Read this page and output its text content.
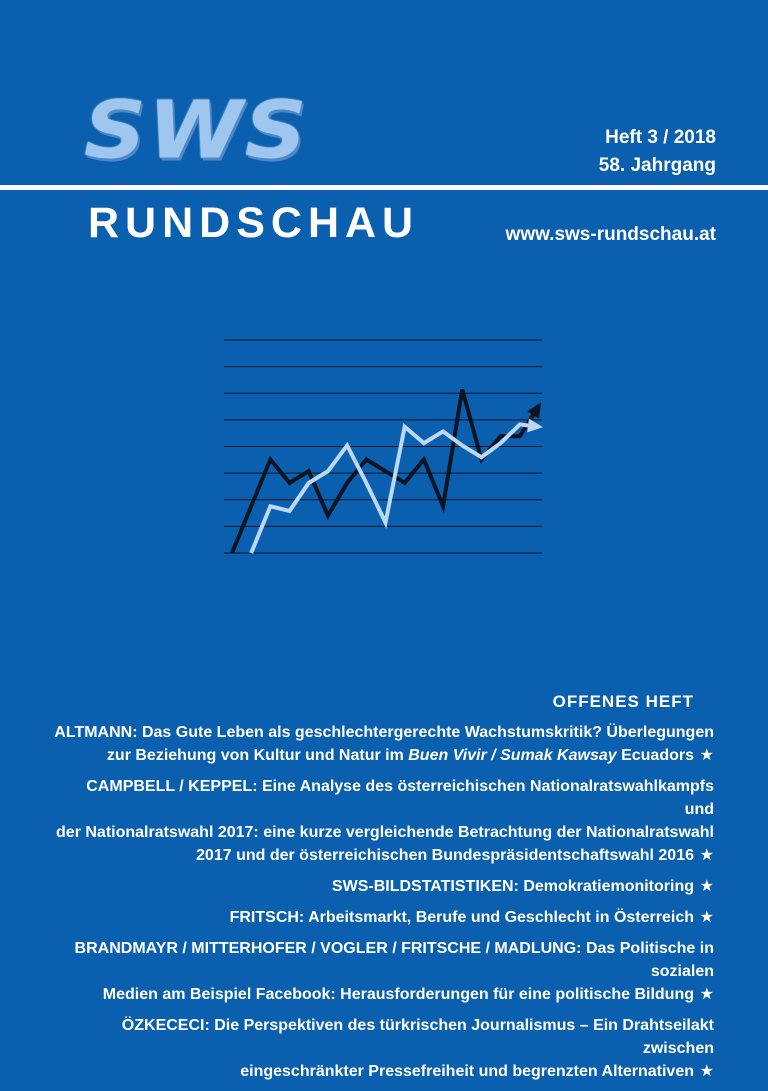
SWS	Heft 3 / 2018
58. Jahrgang
RUNDSCHAU	www.sws-rundschau.at
OFFENES HEFT
ALTMANN: Das Gute Leben als geschlechtergerechte Wachstumskritik? Überlegungen
zur Beziehung von Kultur und Natur im Buen Vivir / Sumak Kawsay Ecuadors ★
CAMPBELL / KEPPEL: Eine Analyse des österreichischen Nationalratswahlkampfs und
der Nationalratswahl 2017: eine kurze vergleichende Betrachtung der Nationalratswahl
2017 und der österreichischen Bundespräsidentschaftswahl 2016 ★
SWS-BILDSTATISTIKEN: Demokratiemonitoring ★
FRITSCH: Arbeitsmarkt, Berufe und Geschlecht in Österreich ★
BRANDMAYR / MITTERHOFER / VOGLER / FRITSCHE / MADLUNG: Das Politische in sozialen
Medien am Beispiel Facebook: Herausforderungen für eine politische Bildung ★
ÖZKECECI: Die Perspektiven des türkrischen Journalismus – Ein Drahtseilakt zwischen
eingeschränkter Pressefreiheit und begrenzten Alternativen ★
